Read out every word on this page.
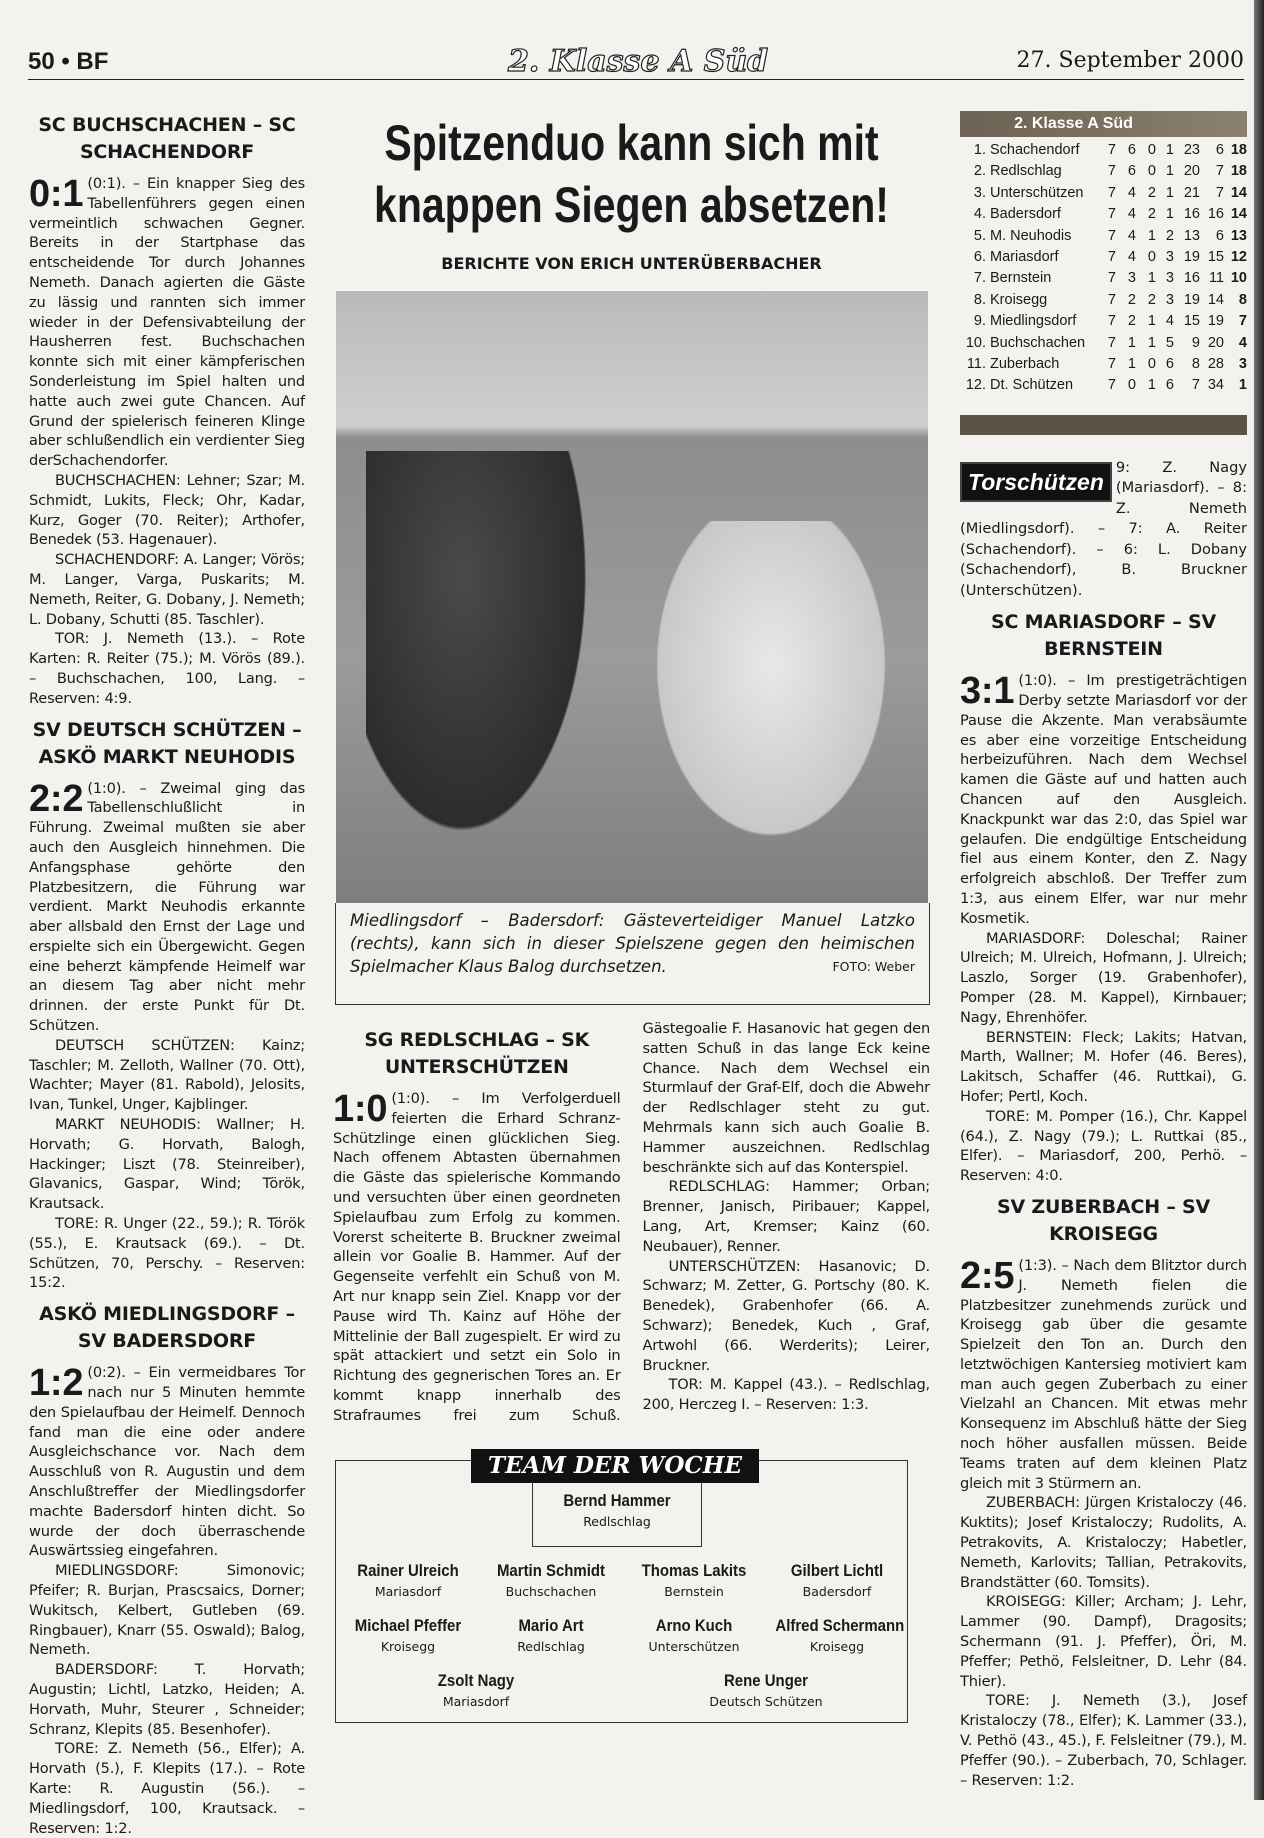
50 • BF	2. Klasse A Süd	27. September 2000
SC BUCHSCHACHEN – SC SCHACHENDORF

0:1 (0:1). – Ein knapper Sieg des Tabellenführers gegen einen vermeintlich schwachen Gegner. Bereits in der Startphase das entscheidende Tor durch Johannes Nemeth. Danach agierten die Gäste zu lässig und rannten sich immer wieder in der Defensivabteilung der Hausherren fest. Buchschachen konnte sich mit einer kämpferischen Sonderleistung im Spiel halten und hatte auch zwei gute Chancen. Auf Grund der spielerisch feineren Klinge aber schlußendlich ein verdienter Sieg derSchachendorfer.

BUCHSCHACHEN: Lehner; Szar; M. Schmidt, Lukits, Fleck; Ohr, Kadar, Kurz, Goger (70. Reiter); Arthofer, Benedek (53. Hagenauer).

SCHACHENDORF: A. Langer; Vörös; M. Langer, Varga, Puskarits; M. Nemeth, Reiter, G. Dobany, J. Nemeth; L. Dobany, Schutti (85. Taschler).

TOR: J. Nemeth (13.). – Rote Karten: R. Reiter (75.); M. Vörös (89.). – Buchschachen, 100, Lang. – Reserven: 4:9.

SV DEUTSCH SCHÜTZEN – ASKÖ MARKT NEUHODIS

2:2 (1:0). – Zweimal ging das Tabellenschlußlicht in Führung. Zweimal mußten sie aber auch den Ausgleich hinnehmen. Die Anfangsphase gehörte den Platzbesitzern, die Führung war verdient. Markt Neuhodis erkannte aber allsbald den Ernst der Lage und erspielte sich ein Übergewicht. Gegen eine beherzt kämpfende Heimelf war an diesem Tag aber nicht mehr drinnen. der erste Punkt für Dt. Schützen.

DEUTSCH SCHÜTZEN: Kainz; Taschler; M. Zelloth, Wallner (70. Ott), Wachter; Mayer (81. Rabold), Jelosits, Ivan, Tunkel, Unger, Kajblinger.

MARKT NEUHODIS: Wallner; H. Horvath; G. Horvath, Balogh, Hackinger; Liszt (78. Steinreiber), Glavanics, Gaspar, Wind; Török, Krautsack.

TORE: R. Unger (22., 59.); R. Török (55.), E. Krautsack (69.). – Dt. Schützen, 70, Perschy. – Reserven: 15:2.

ASKÖ MIEDLINGSDORF – SV BADERSDORF

1:2 (0:2). – Ein vermeidbares Tor nach nur 5 Minuten hemmte den Spielaufbau der Heimelf. Dennoch fand man die eine oder andere Ausgleichschance vor. Nach dem Ausschluß von R. Augustin und dem Anschlußtreffer der Miedlingsdorfer machte Badersdorf hinten dicht. So wurde der doch überraschende Auswärtssieg eingefahren.

MIEDLINGSDORF: Simonovic; Pfeifer; R. Burjan, Prascsaics, Dorner; Wukitsch, Kelbert, Gutleben (69. Ringbauer), Knarr (55. Oswald); Balog, Nemeth.

BADERSDORF: T. Horvath; Augustin; Lichtl, Latzko, Heiden; A. Horvath, Muhr, Steurer , Schneider; Schranz, Klepits (85. Besenhofer).

TORE: Z. Nemeth (56., Elfer); A. Horvath (5.), F. Klepits (17.). – Rote Karte: R. Augustin (56.). – Miedlingsdorf, 100, Krautsack. – Reserven: 1:2.

Spitzenduo kann sich mit knappen Siegen absetzen!
BERICHTE VON ERICH UNTERÜBERBACHER
Miedlingsdorf – Badersdorf: Gästeverteidiger Manuel Latzko (rechts), kann sich in dieser Spielszene gegen den heimischen Spielmacher Klaus Balog durchsetzen.	FOTO: Weber
SG REDLSCHLAG – SK UNTERSCHÜTZEN

1:0 (1:0). – Im Verfolgerduell feierten die Erhard Schranz-Schützlinge einen glücklichen Sieg. Nach offenem Abtasten übernahmen die Gäste das spielerische Kommando und versuchten über einen geordneten Spielaufbau zum Erfolg zu kommen. Vorerst scheiterte B. Bruckner zweimal allein vor Goalie B. Hammer. Auf der Gegenseite verfehlt ein Schuß von M. Art nur knapp sein Ziel. Knapp vor der Pause wird Th. Kainz auf Höhe der Mittelinie der Ball zugespielt. Er wird zu spät attackiert und setzt ein Solo in Richtung des gegnerischen Tores an. Er kommt knapp innerhalb des Strafraumes frei zum Schuß. Gästegoalie F. Hasanovic hat gegen den satten Schuß in das lange Eck keine Chance. Nach dem Wechsel ein Sturmlauf der Graf-Elf, doch die Abwehr der Redlschlager steht zu gut. Mehrmals kann sich auch Goalie B. Hammer auszeichnen. Redlschlag beschränkte sich auf das Konterspiel.

REDLSCHLAG: Hammer; Orban; Brenner, Janisch, Piribauer; Kappel, Lang, Art, Kremser; Kainz (60. Neubauer), Renner.

UNTERSCHÜTZEN: Hasanovic; D. Schwarz; M. Zetter, G. Portschy (80. K. Benedek), Grabenhofer (66. A. Schwarz); Benedek, Kuch , Graf, Artwohl (66. Werderits); Leirer, Bruckner.

TOR: M. Kappel (43.). – Redlschlag, 200, Herczeg I. – Reserven: 1:3.

TEAM DER WOCHE
Bernd Hammer
Redlschlag
Rainer Ulreich
Mariasdorf
Martin Schmidt
Buchschachen
Thomas Lakits
Bernstein
Gilbert Lichtl
Badersdorf
Michael Pfeffer
Kroisegg
Mario Art
Redlschlag
Arno Kuch
Unterschützen
Alfred Schermann
Kroisegg
Zsolt Nagy
Mariasdorf
Rene Unger
Deutsch Schützen
2. Klasse A Süd
1. Schachendorf	7 6 0 1 23	6 18
2. Redlschlag	7 6 0 1 20	7 18
3. Unterschützen	7 4 2 1 21	7 14
4. Badersdorf	7 4 2 1 16 16 14
5. M. Neuhodis	7 4 1 2 13	6 13
6. Mariasdorf	7 4 0 3 19 15 12
7. Bernstein	7 3 1 3 16 11 10
8. Kroisegg	7 2 2 3 19 14	8
9. Miedlingsdorf	7 2 1 4 15 19	7
10. Buchschachen	7 1 1 5	9 20	4
11. Zuberbach	7 1 0 6	8 28	3
12. Dt. Schützen	7 0 1 6	7 34	1
Torschützen
9: Z. Nagy (Mariasdorf). – 8: Z. Nemeth (Miedlingsdorf). – 7: A. Reiter (Schachendorf). – 6: L. Dobany (Schachendorf), B. Bruckner (Unterschützen).
SC MARIASDORF – SV BERNSTEIN

3:1 (1:0). – Im prestigeträchtigen Derby setzte Mariasdorf vor der Pause die Akzente. Man verabsäumte es aber eine vorzeitige Entscheidung herbeizuführen. Nach dem Wechsel kamen die Gäste auf und hatten auch Chancen auf den Ausgleich. Knackpunkt war das 2:0, das Spiel war gelaufen. Die endgültige Entscheidung fiel aus einem Konter, den Z. Nagy erfolgreich abschloß. Der Treffer zum 1:3, aus einem Elfer, war nur mehr Kosmetik.

MARIASDORF: Doleschal; Rainer Ulreich; M. Ulreich, Hofmann, J. Ulreich; Laszlo, Sorger (19. Grabenhofer), Pomper (28. M. Kappel), Kirnbauer; Nagy, Ehrenhöfer.

BERNSTEIN: Fleck; Lakits; Hatvan, Marth, Wallner; M. Hofer (46. Beres), Lakitsch, Schaffer (46. Ruttkai), G. Hofer; Pertl, Koch.

TORE: M. Pomper (16.), Chr. Kappel (64.), Z. Nagy (79.); L. Ruttkai (85., Elfer). – Mariasdorf, 200, Perhö. – Reserven: 4:0.

SV ZUBERBACH – SV KROISEGG

2:5 (1:3). – Nach dem Blitztor durch J. Nemeth fielen die Platzbesitzer zunehmends zurück und Kroisegg gab über die gesamte Spielzeit den Ton an. Durch den letztwöchigen Kantersieg motiviert kam man auch gegen Zuberbach zu einer Vielzahl an Chancen. Mit etwas mehr Konsequenz im Abschluß hätte der Sieg noch höher ausfallen müssen. Beide Teams traten auf dem kleinen Platz gleich mit 3 Stürmern an.

ZUBERBACH: Jürgen Kristaloczy (46. Kuktits); Josef Kristaloczy; Rudolits, A. Petrakovits, A. Kristaloczy; Habetler, Nemeth, Karlovits; Tallian, Petrakovits, Brandstätter (60. Tomsits).

KROISEGG: Killer; Archam; J. Lehr, Lammer (90. Dampf), Dragosits; Schermann (91. J. Pfeffer), Öri, M. Pfeffer; Pethö, Felsleitner, D. Lehr (84. Thier).

TORE: J. Nemeth (3.), Josef Kristaloczy (78., Elfer); K. Lammer (33.), V. Pethö (43., 45.), F. Felsleitner (79.), M. Pfeffer (90.). – Zuberbach, 70, Schlager. – Reserven: 1:2.
